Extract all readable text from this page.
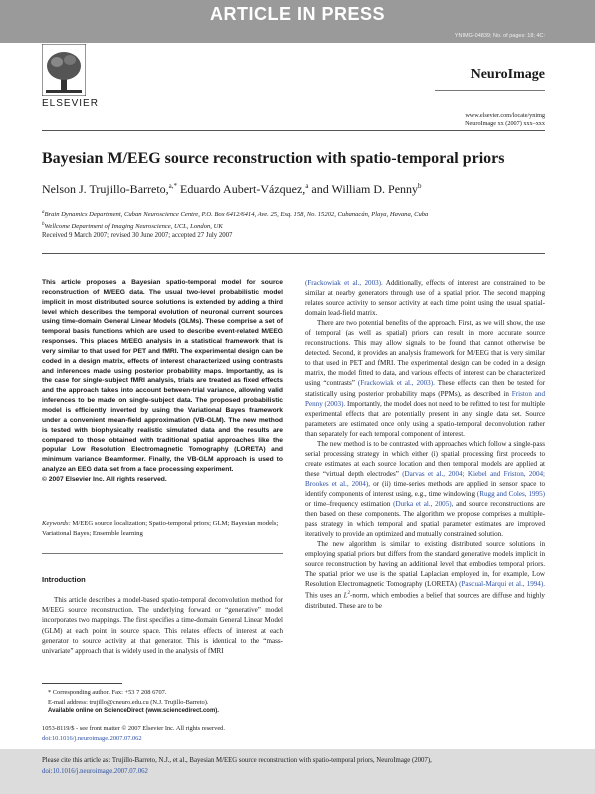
ARTICLE IN PRESS
YNIMG-04839; No. of pages: 18; 4C:
ELSEVIER
NeuroImage
www.elsevier.com/locate/ynimg
NeuroImage xx (2007) xxx–xxx
Bayesian M/EEG source reconstruction with spatio-temporal priors
Nelson J. Trujillo-Barreto,$^{a,*}$ Eduardo Aubert-Vázquez,$^a$ and William D. Penny$^b$
$^a$Brain Dynamics Department, Cuban Neuroscience Centre, P.O. Box 6412/6414, Ave. 25, Esq. 158, No. 15202, Cubanacán, Playa, Havana, Cuba
$^b$Wellcome Department of Imaging Neuroscience, UCL, London, UK
Received 9 March 2007; revised 30 June 2007; accepted 27 July 2007
This article proposes a Bayesian spatio-temporal model for source reconstruction of M/EEG data. The usual two-level probabilistic model implicit in most distributed source solutions is extended by adding a third level which describes the temporal evolution of neuronal current sources using time-domain General Linear Models (GLMs). These comprise a set of temporal basis functions which are used to describe event-related M/EEG responses. This places M/EEG analysis in a statistical framework that is very similar to that used for PET and fMRI. The experimental design can be coded in a design matrix, effects of interest characterized using contrasts and inferences made using posterior probability maps. Importantly, as is the case for single-subject fMRI analysis, trials are treated as fixed effects and the approach takes into account between-trial variance, allowing valid inferences to be made on single-subject data. The proposed probabilistic model is efficiently inverted by using the Variational Bayes framework under a convenient mean-field approximation (VB-GLM). The new method is tested with biophysically realistic simulated data and the results are compared to those obtained with traditional spatial approaches like the popular Low Resolution Electromagnetic Tomography (LORETA) and minimum variance Beamformer. Finally, the VB-GLM approach is used to analyze an EEG data set from a face processing experiment.
© 2007 Elsevier Inc. All rights reserved.
Keywords: M/EEG source localization; Spatio-temporal priors; GLM; Bayesian models; Variational Bayes; Ensemble learning
Introduction

This article describes a model-based spatio-temporal deconvolution method for M/EEG source reconstruction. The underlying forward or “generative” model incorporates two mappings. The first specifies a time-domain General Linear Model (GLM) at each point in source space. This relates effects of interest at each generator to source activity at that generator. This is identical to the “mass-univariate” approach that is widely used in the analysis of fMRI

* Corresponding author. Fax: +53 7 208 6707.
E-mail address: trujillo@cneuro.edu.cu (N.J. Trujillo-Barreto).
Available online on ScienceDirect (www.sciencedirect.com).
1053-8119/$ - see front matter © 2007 Elsevier Inc. All rights reserved.
doi:10.1016/j.neuroimage.2007.07.062

(Frackowiak et al., 2003). Additionally, effects of interest are constrained to be similar at nearby generators through use of a spatial prior. The second mapping relates source activity to sensor activity at each time point using the usual spatial-domain lead-field matrix.

There are two potential benefits of the approach. First, as we will show, the use of temporal (as well as spatial) priors can result in more accurate source reconstructions. This may allow signals to be found that cannot otherwise be detected. Second, it provides an analysis framework for M/EEG that is very similar to that used in PET and fMRI. The experimental design can be coded in a design matrix, the model fitted to data, and various effects of interest can be characterized using “contrasts” (Frackowiak et al., 2003). These effects can then be tested for statistically using posterior probability maps (PPMs), as described in Friston and Penny (2003). Importantly, the model does not need to be refitted to test for multiple experimental effects that are potentially present in any single data set. Source parameters are estimated once only using a spatio-temporal deconvolution rather than separately for each temporal component of interest.

The new method is to be contrasted with approaches which follow a single-pass serial processing strategy in which either (i) spatial processing first proceeds to create estimates at each source location and then temporal models are applied at these “virtual depth electrodes” (Darvas et al., 2004; Kiebel and Friston, 2004; Brookes et al., 2004), or (ii) time-series methods are applied in sensor space to identify components of interest using, e.g., time windowing (Rugg and Coles, 1995) or time–frequency estimation (Durka et al., 2005), and source reconstructions are then based on these components. The algorithm we propose comprises a multiple-pass strategy in which temporal and spatial parameter estimates are improved iteratively to provide an optimized and mutually constrained solution.

The new algorithm is similar to existing distributed source solutions in employing spatial priors but differs from the standard generative models implicit in source reconstruction by having an additional level that embodies temporal priors. The spatial prior we use is the spatial Laplacian employed in, for example, Low Resolution Electromagnetic Tomography (LORETA) (Pascual-Marqui et al., 1994). This uses an $L^2$-norm, which embodies a belief that sources are diffuse and highly distributed. These are to be

Please cite this article as: Trujillo-Barreto, N.J., et al., Bayesian M/EEG source reconstruction with spatio-temporal priors, NeuroImage (2007),
doi:10.1016/j.neuroimage.2007.07.062
